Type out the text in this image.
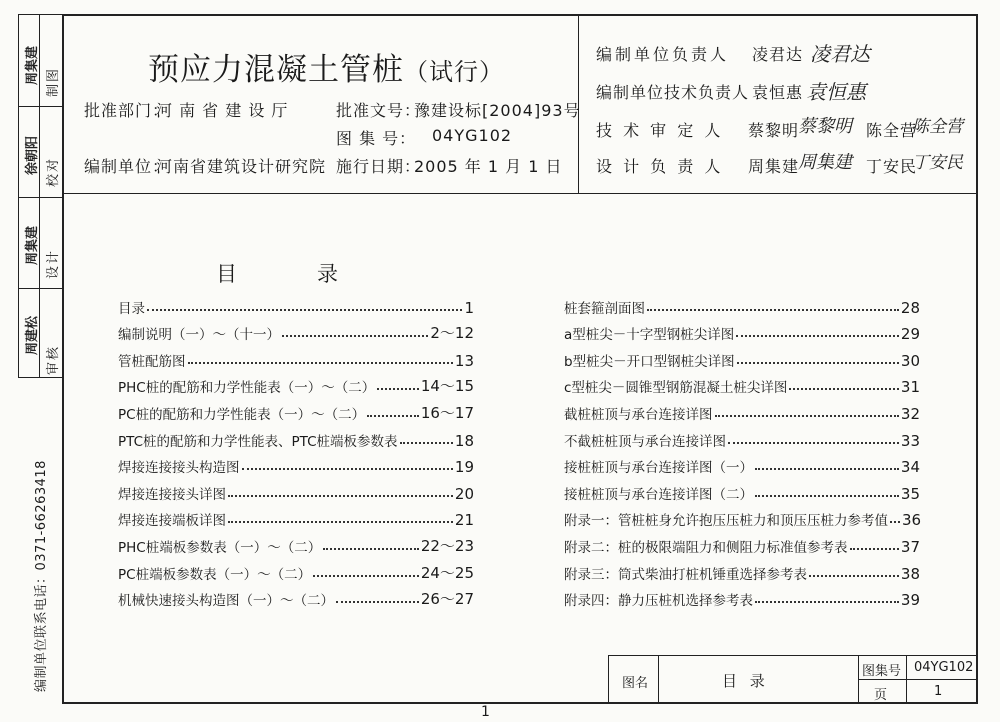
审核
设计
校对
制图
周建松
周集建
徐朝阳
周集建
编制单位联系电话：0371-66263418
预应力混凝土管桩（试行）
批准部门：
河 南 省 建 设 厅
编制单位：
河南省建筑设计研究院
批准文号：
豫建设标[2004]93号
图 集 号： 04YG102
施行日期：
2005 年 1 月 1 日
编制单位负责人 凌君达 凌君达
编制单位技术负责人 袁恒惠 袁恒惠
技 术 审 定 人 蔡黎明
蔡黎明 陈全营
陈全营
设 计 负 责 人 周集建
周集建 丁安民
丁安民
目录
目录	1
编制说明（一）～（十一）	2～12
管桩配筋图	13
PHC桩的配筋和力学性能表（一）～（二）	14～15
PC桩的配筋和力学性能表（一）～（二）	16～17
PTC桩的配筋和力学性能表、PTC桩端板参数表	18
焊接连接接头构造图	19
焊接连接接头详图	20
焊接连接端板详图	21
PHC桩端板参数表（一）～（二）	22～23
PC桩端板参数表（一）～（二）	24～25
机械快速接头构造图（一）～（二）	26～27
桩套箍剖面图	28
a型桩尖－十字型钢桩尖详图	29
b型桩尖－开口型钢桩尖详图	30
c型桩尖－圆锥型钢筋混凝土桩尖详图	31
截桩桩顶与承台连接详图	32
不截桩桩顶与承台连接详图	33
接桩桩顶与承台连接详图（一）	34
接桩桩顶与承台连接详图（二）	35
附录一：管桩桩身允许抱压压桩力和顶压压桩力参考值 36
附录二：桩的极限端阻力和侧阻力标准值参考表	37
附录三：筒式柴油打桩机锤重选择参考表	38
附录四：静力压桩机选择参考表	39
图名	目 录
图集号 04YG102
页	1
1
